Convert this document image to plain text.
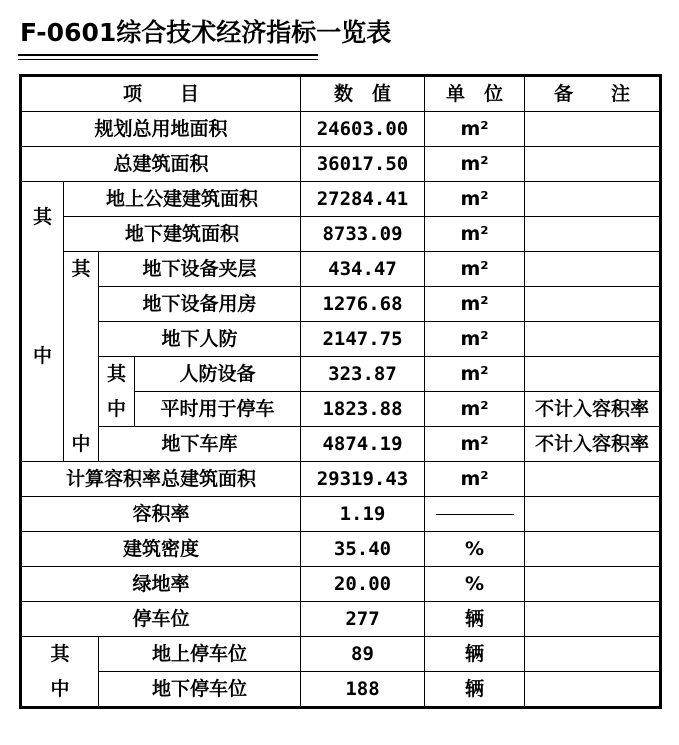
F-0601综合技术经济指标一览表
项　　目				数　值	单　位	备　　注
规划总用地面积				24603.00	m²	
总建筑面积				36017.50	m²	
其	地上公建建筑面积			27284.41	m²	
	地下建筑面积			8733.09	m²	
中	其	地下设备夹层		434.47	m²	
		地下设备用房		1276.68	m²	
		地下人防		2147.75	m²	
		其	人防设备	323.87	m²	
		中	平时用于停车	1823.88	m²	不计入容积率
	中	地下车库		4874.19	m²	不计入容积率
计算容积率总建筑面积				29319.43	m²	
容积率				1.19		
建筑密度				35.40	%	
绿地率				20.00	%	
停车位				277	辆	
其		地上停车位		89	辆	
中		地下停车位		188	辆	
